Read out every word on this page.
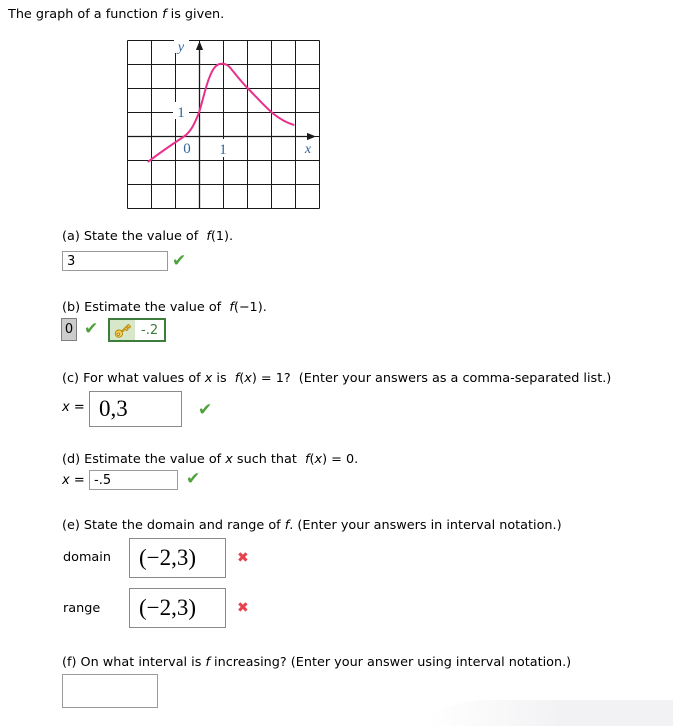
The graph of a function f is given.
y
1
0 1	x
(a) State the value of  f(1).
3
✔
(b) Estimate the value of  f(−1).
0 ✔	-.2
(c) For what values of x is  f(x) = 1?  (Enter your answers as a comma-separated list.)
x = 0,3	✔
(d) Estimate the value of x such that  f(x) = 0.
x =
-.5	✔
(e) State the domain and range of f. (Enter your answers in interval notation.)
domain	(−2,3)	✖
range	(−2,3)	✖
(f) On what interval is f increasing? (Enter your answer using interval notation.)
